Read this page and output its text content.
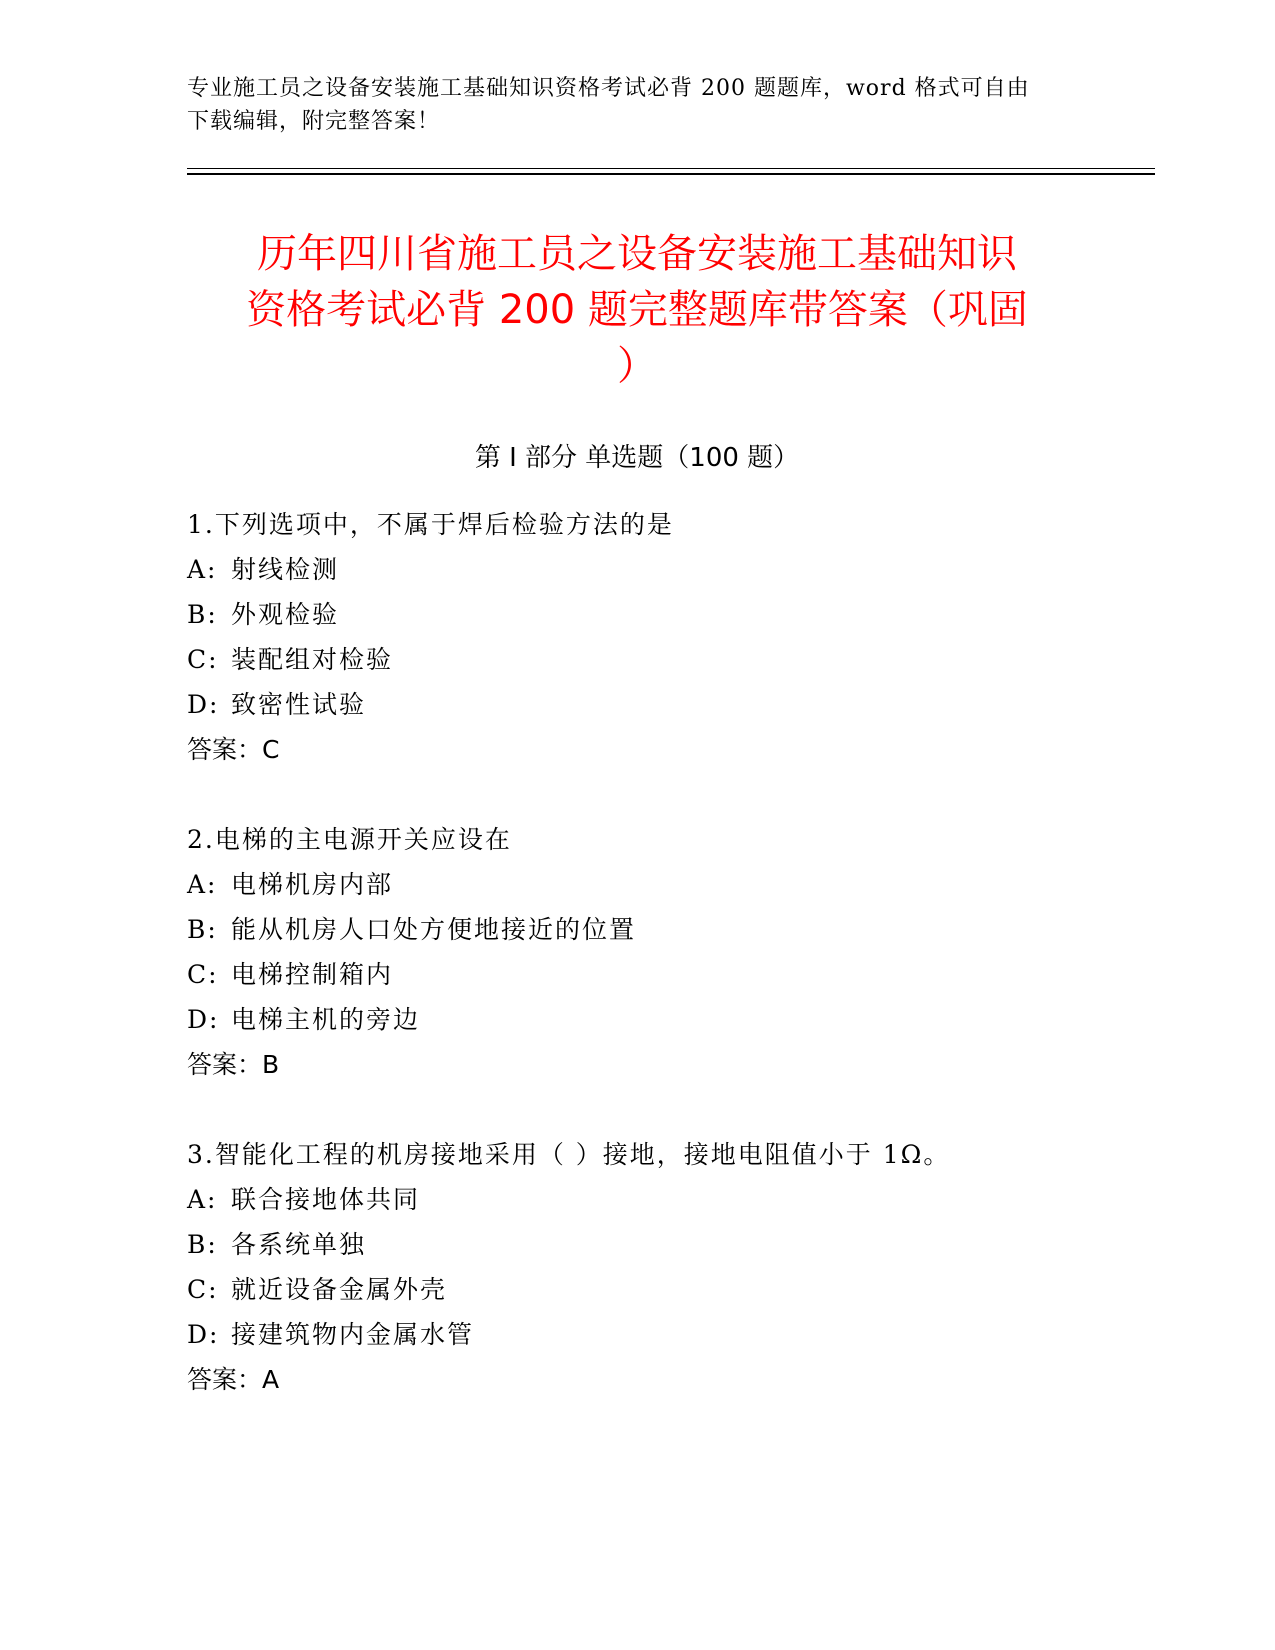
专业施工员之设备安装施工基础知识资格考试必背 200 题题库，word 格式可自由
下载编辑，附完整答案！
历年四川省施工员之设备安装施工基础知识
资格考试必背 200 题完整题库带答案（巩固
）
第 I 部分 单选题（100 题）
1.下列选项中，不属于焊后检验方法的是
A: 射线检测
B: 外观检验
C: 装配组对检验
D: 致密性试验
答案：C
2.电梯的主电源开关应设在
A: 电梯机房内部
B: 能从机房人口处方便地接近的位置
C: 电梯控制箱内
D: 电梯主机的旁边
答案：B
3.智能化工程的机房接地采用（ ）接地，接地电阻值小于 1Ω。
A: 联合接地体共同
B: 各系统单独
C: 就近设备金属外壳
D: 接建筑物内金属水管
答案：A
